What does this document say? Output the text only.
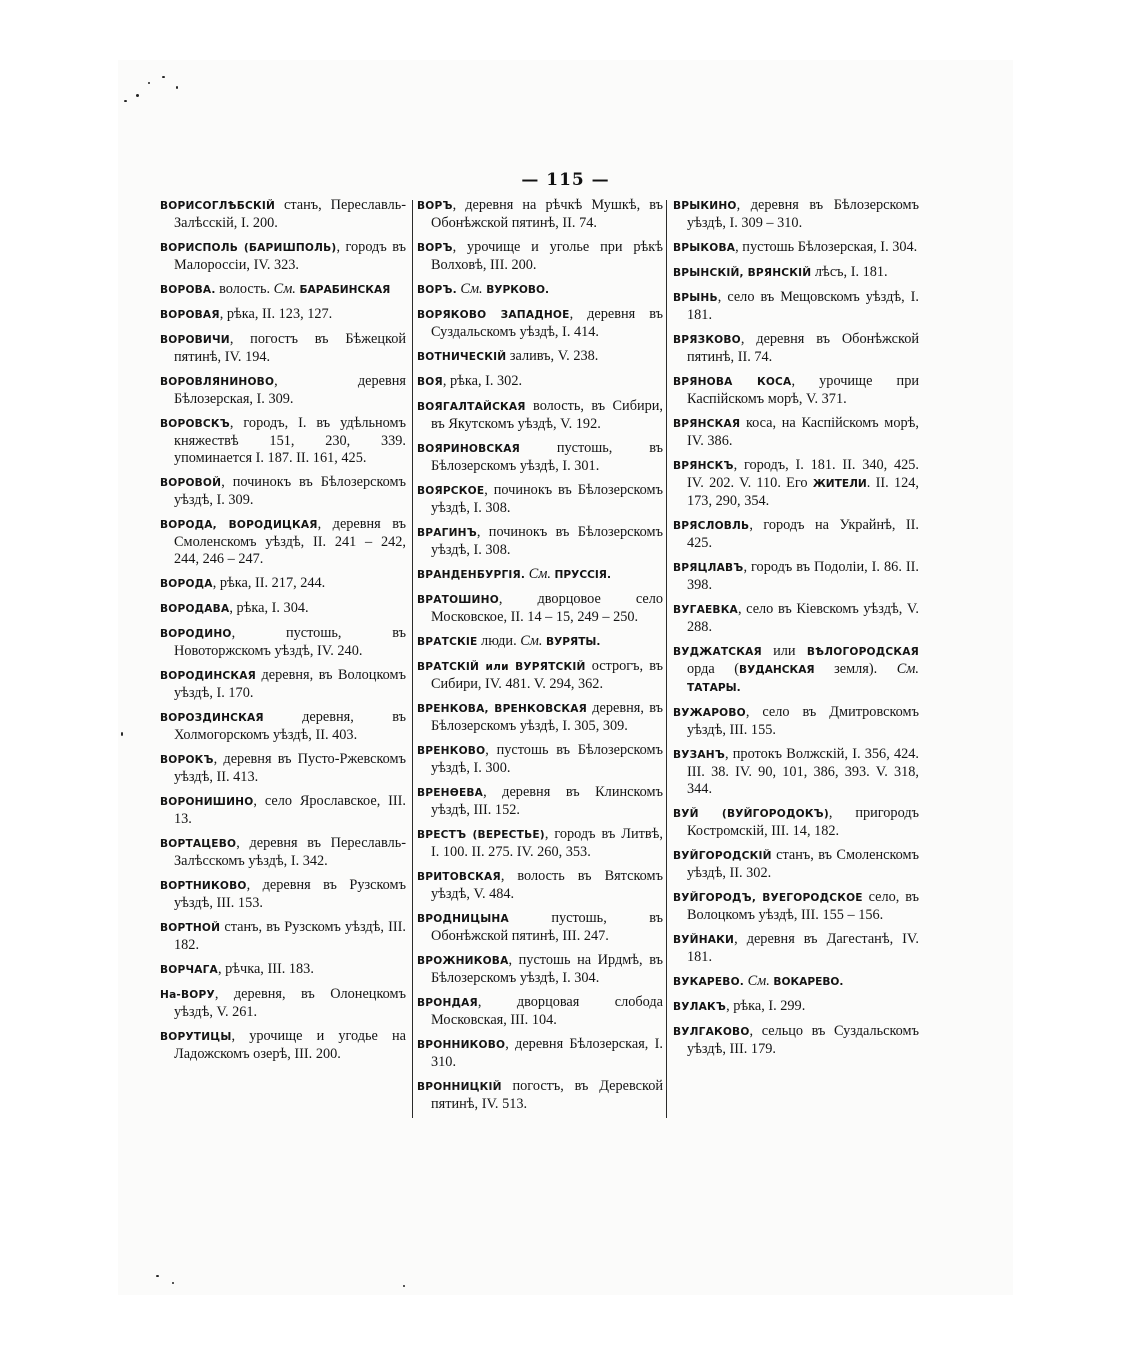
— 115 —

ВОРИСОГЛѢБСКІЙ станъ, Переславль-Залѣсскій, I. 200.

ВОРИСПОЛЬ (БАРИШПОЛЬ), городъ въ Малороссіи, IV. 323.

ВОРОВА. волость. См. БАРАБИНСКАЯ

ВОРОВАЯ, рѣка, II. 123, 127.

ВОРОВИЧИ, погостъ въ Бѣжецкой пятинѣ, IV. 194.

ВОРОВЛЯНИНОВО, деревня Бѣлозерская, I. 309.

ВОРОВСКЪ, городъ, I. въ удѣльномъ княжествѣ 151, 230, 339. упоминается I. 187. II. 161, 425.

ВОРОВОЙ, починокъ въ Бѣлозерскомъ уѣздѣ, I. 309.

ВОРОДА, ВОРОДИЦКАЯ, деревня въ Смоленскомъ уѣздѣ, II. 241 – 242, 244, 246 – 247.

ВОРОДА, рѣка, II. 217, 244.

ВОРОДАВА, рѣка, I. 304.

ВОРОДИНО, пустошь, въ Новоторжскомъ уѣздѣ, IV. 240.

ВОРОДИНСКАЯ деревня, въ Волоцкомъ уѣздѣ, I. 170.

ВОРОЗДИНСКАЯ деревня, въ Холмогорскомъ уѣздѣ, II. 403.

ВОРОКЪ, деревня въ Пусто-Ржевскомъ уѣздѣ, II. 413.

ВОРОНИШИНО, село Ярославское, III. 13.

ВОРТАЦЕВО, деревня въ Переславль-Залѣсскомъ уѣздѣ, I. 342.

ВОРТНИКОВО, деревня въ Рузскомъ уѣздѣ, III. 153.

ВОРТНОЙ станъ, въ Рузскомъ уѣздѣ, III. 182.

ВОРЧАГА, рѣчка, III. 183.

На-ВОРУ, деревня, въ Олонецкомъ уѣздѣ, V. 261.

ВОРУТИЦЫ, урочище и угодье на Ладожскомъ озерѣ, III. 200.

ВОРЪ, деревня на рѣчкѣ Мушкѣ, въ Обонѣжской пятинѣ, II. 74.

ВОРЪ, урочище и уголье при рѣкѣ Волховѣ, III. 200.

ВОРЪ. См. ВУРКОВО.

ВОРЯКОВО ЗАПАДНОЕ, деревня въ Суздальскомъ уѣздѣ, I. 414.

ВОТНИЧЕСКІЙ заливъ, V. 238.

ВОЯ, рѣка, I. 302.

ВОЯГАЛТАЙСКАЯ волость, въ Сибири, въ Якутскомъ уѣздѣ, V. 192.

ВОЯРИНОВСКАЯ пустошь, въ Бѣлозерскомъ уѣздѣ, I. 301.

ВОЯРСКОЕ, починокъ въ Бѣлозерскомъ уѣздѣ, I. 308.

ВРАГИНЪ, починокъ въ Бѣлозерскомъ уѣздѣ, I. 308.

ВРАНДЕНБУРГІЯ. См. ПРУССІЯ.

ВРАТОШИНО, дворцовое село Московское, II. 14 – 15, 249 – 250.

ВРАТСКІЕ люди. См. ВУРЯТЫ.

ВРАТСКІЙ или ВУРЯТСКІЙ острогъ, въ Сибири, IV. 481. V. 294, 362.

ВРЕНКОВА, ВРЕНКОВСКАЯ деревня, въ Бѣлозерскомъ уѣздѣ, I. 305, 309.

ВРЕНКОВО, пустошь въ Бѣлозерскомъ уѣздѣ, I. 300.

ВРЕНѲЕВА, деревня въ Клинскомъ уѣздѣ, III. 152.

ВРЕСТЪ (ВЕРЕСТЬЕ), городъ въ Литвѣ, I. 100. II. 275. IV. 260, 353.

ВРИТОВСКАЯ, волость въ Вятскомъ уѣздѣ, V. 484.

ВРОДНИЦЫНА пустошь, въ Обонѣжской пятинѣ, III. 247.

ВРОЖНИКОВА, пустошь на Ирдмѣ, въ Бѣлозерскомъ уѣздѣ, I. 304.

ВРОНДАЯ, дворцовая слобода Московская, III. 104.

ВРОННИКОВО, деревня Бѣлозерская, I. 310.

ВРОННИЦКІЙ погостъ, въ Деревской пятинѣ, IV. 513.

ВРЫКИНО, деревня въ Бѣлозерскомъ уѣздѣ, I. 309 – 310.

ВРЫКОВА, пустошь Бѣлозерская, I. 304.

ВРЫНСКІЙ, ВРЯНСКІЙ лѣсъ, I. 181.

ВРЫНЬ, село въ Мещовскомъ уѣздѣ, I. 181.

ВРЯЗКОВО, деревня въ Обонѣжской пятинѣ, II. 74.

ВРЯНОВА КОСА, урочище при Каспійскомъ морѣ, V. 371.

ВРЯНСКАЯ коса, на Каспійскомъ морѣ, IV. 386.

ВРЯНСКЪ, городъ, I. 181. II. 340, 425. IV. 202. V. 110. Его ЖИТЕЛИ. II. 124, 173, 290, 354.

ВРЯСЛОВЛЬ, городъ на Украйнѣ, II. 425.

ВРЯЦЛАВЪ, городъ въ Подоліи, I. 86. II. 398.

ВУГАЕВКА, село въ Кіевскомъ уѣздѣ, V. 288.

ВУДЖАТСКАЯ или ВѢЛОГОРОДСКАЯ орда (ВУДАНСКАЯ земля). См. ТАТАРЫ.

ВУЖАРОВО, село въ Дмитровскомъ уѣздѣ, III. 155.

ВУЗАНЪ, протокъ Волжскій, I. 356, 424. III. 38. IV. 90, 101, 386, 393. V. 318, 344.

ВУЙ (ВУЙГОРОДОКЪ), пригородъ Костромскій, III. 14, 182.

ВУЙГОРОДСКІЙ станъ, въ Смоленскомъ уѣздѣ, II. 302.

ВУЙГОРОДЪ, ВУЕГОРОДСКОЕ село, въ Волоцкомъ уѣздѣ, III. 155 – 156.

ВУЙНАКИ, деревня въ Дагестанѣ, IV. 181.

ВУКАРЕВО. См. ВОКАРЕВО.

ВУЛАКЪ, рѣка, I. 299.

ВУЛГАКОВО, сельцо въ Суздальскомъ уѣздѣ, III. 179.
